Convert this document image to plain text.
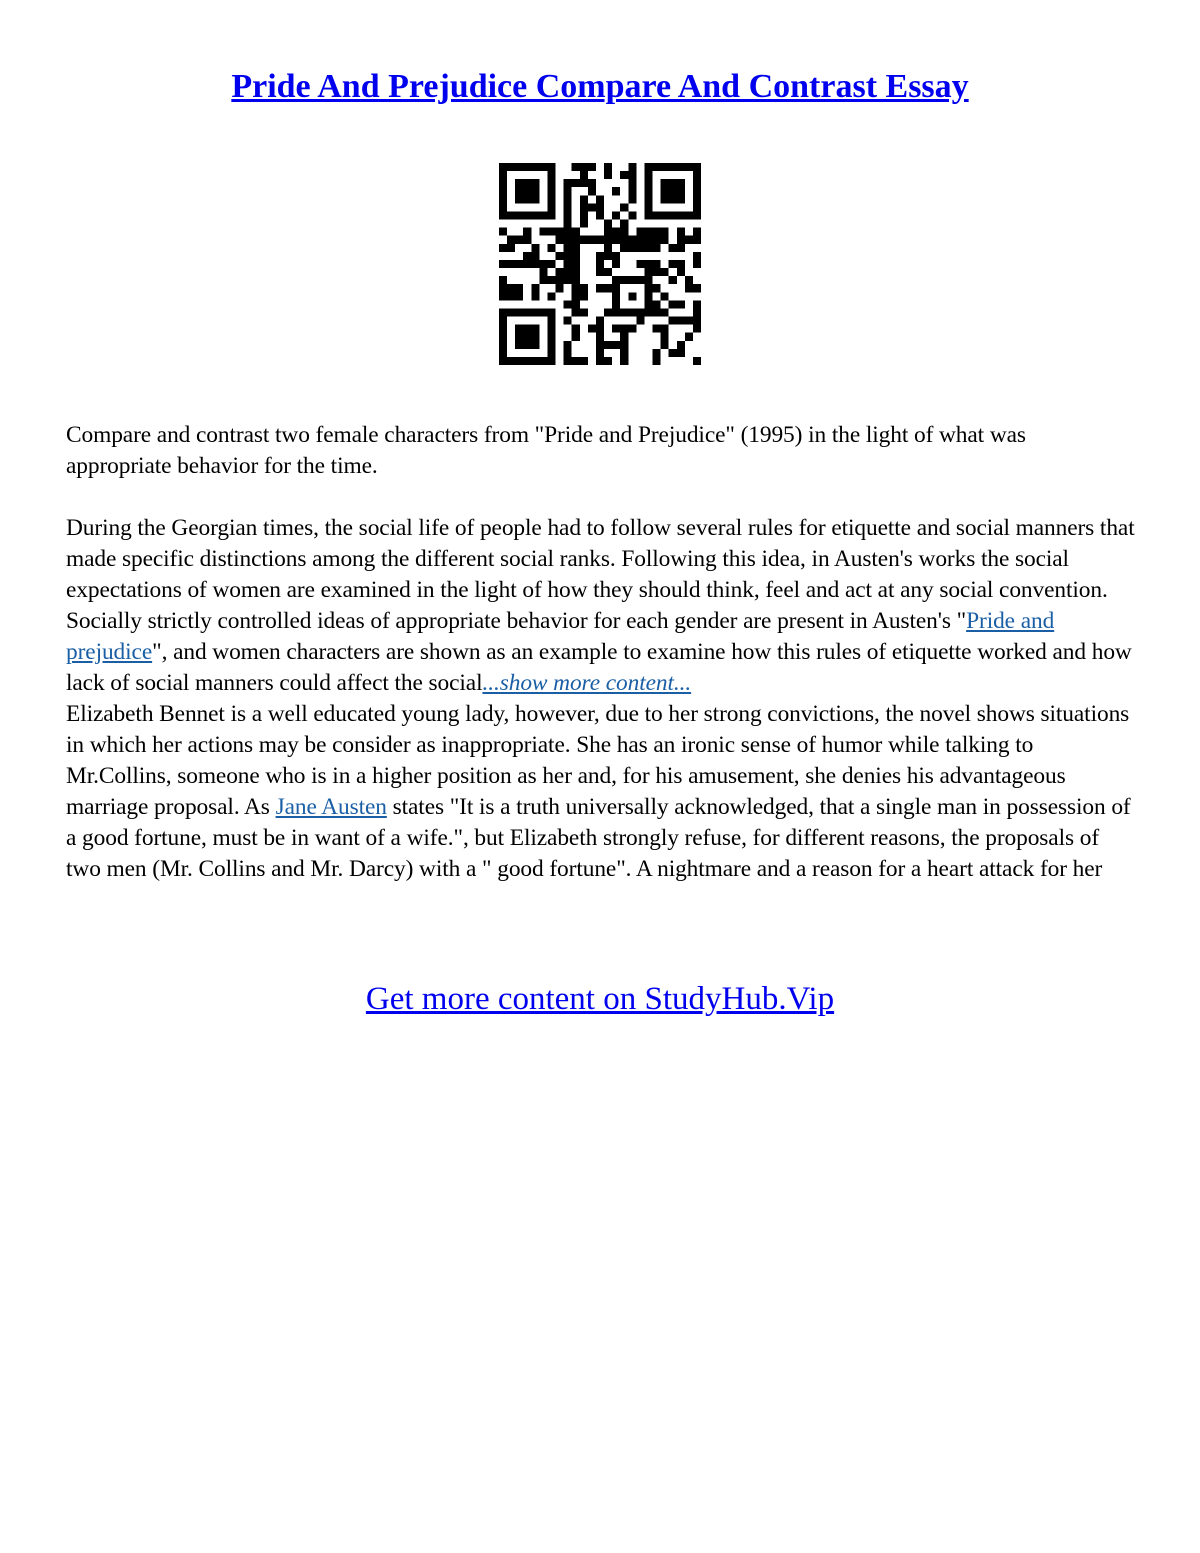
Pride And Prejudice Compare And Contrast Essay

Compare and contrast two female characters from "Pride and Prejudice" (1995) in the light of what was appropriate behavior for the time.

During the Georgian times, the social life of people had to follow several rules for etiquette and social manners that made specific distinctions among the different social ranks. Following this idea, in Austen's works the social expectations of women are examined in the light of how they should think, feel and act at any social convention.

Socially strictly controlled ideas of appropriate behavior for each gender are present in Austen's "Pride and prejudice", and women characters are shown as an example to examine how this rules of etiquette worked and how lack of social manners could affect the social...show more content...

Elizabeth Bennet is a well educated young lady, however, due to her strong convictions, the novel shows situations in which her actions may be consider as inappropriate. She has an ironic sense of humor while talking to Mr.Collins, someone who is in a higher position as her and, for his amusement, she denies his advantageous marriage proposal. As Jane Austen states "It is a truth universally acknowledged, that a single man in possession of a good fortune, must be in want of a wife.", but Elizabeth strongly refuse, for different reasons, the proposals of two men (Mr. Collins and Mr. Darcy) with a " good fortune". A nightmare and a reason for a heart attack for her

Get more content on StudyHub.Vip
